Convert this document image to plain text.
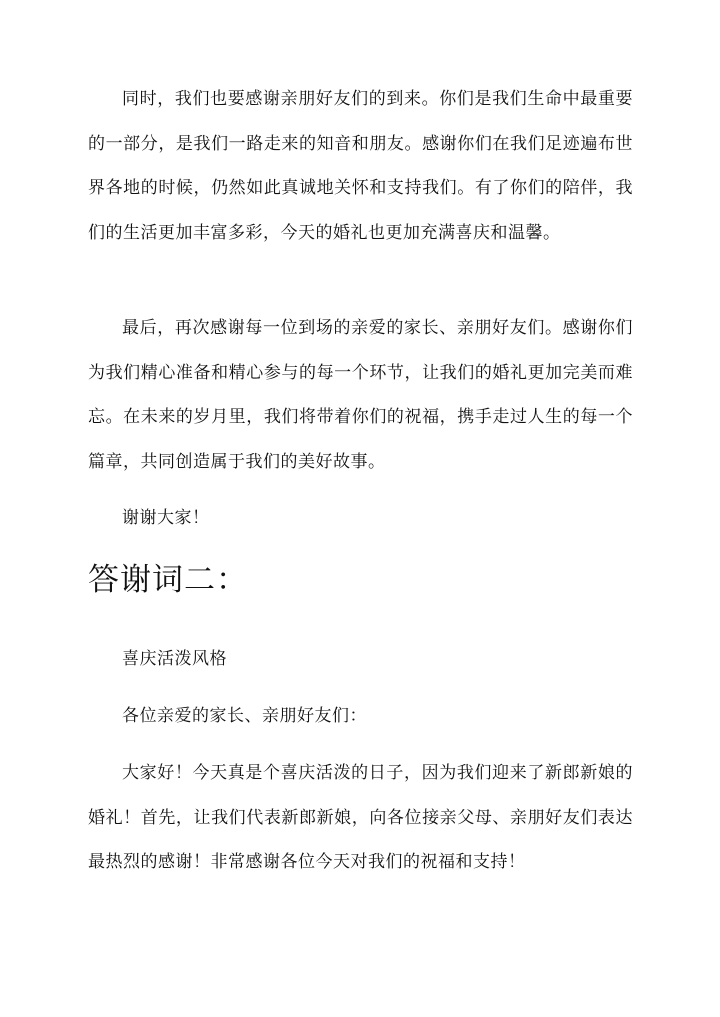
同时，我们也要感谢亲朋好友们的到来。你们是我们生命中最重要的一部分，是我们一路走来的知音和朋友。感谢你们在我们足迹遍布世界各地的时候，仍然如此真诚地关怀和支持我们。有了你们的陪伴，我们的生活更加丰富多彩，今天的婚礼也更加充满喜庆和温馨。

最后，再次感谢每一位到场的亲爱的家长、亲朋好友们。感谢你们为我们精心准备和精心参与的每一个环节，让我们的婚礼更加完美而难忘。在未来的岁月里，我们将带着你们的祝福，携手走过人生的每一个篇章，共同创造属于我们的美好故事。

谢谢大家！

答谢词二：

喜庆活泼风格

各位亲爱的家长、亲朋好友们：

大家好！今天真是个喜庆活泼的日子，因为我们迎来了新郎新娘的婚礼！首先，让我们代表新郎新娘，向各位接亲父母、亲朋好友们表达最热烈的感谢！非常感谢各位今天对我们的祝福和支持！
